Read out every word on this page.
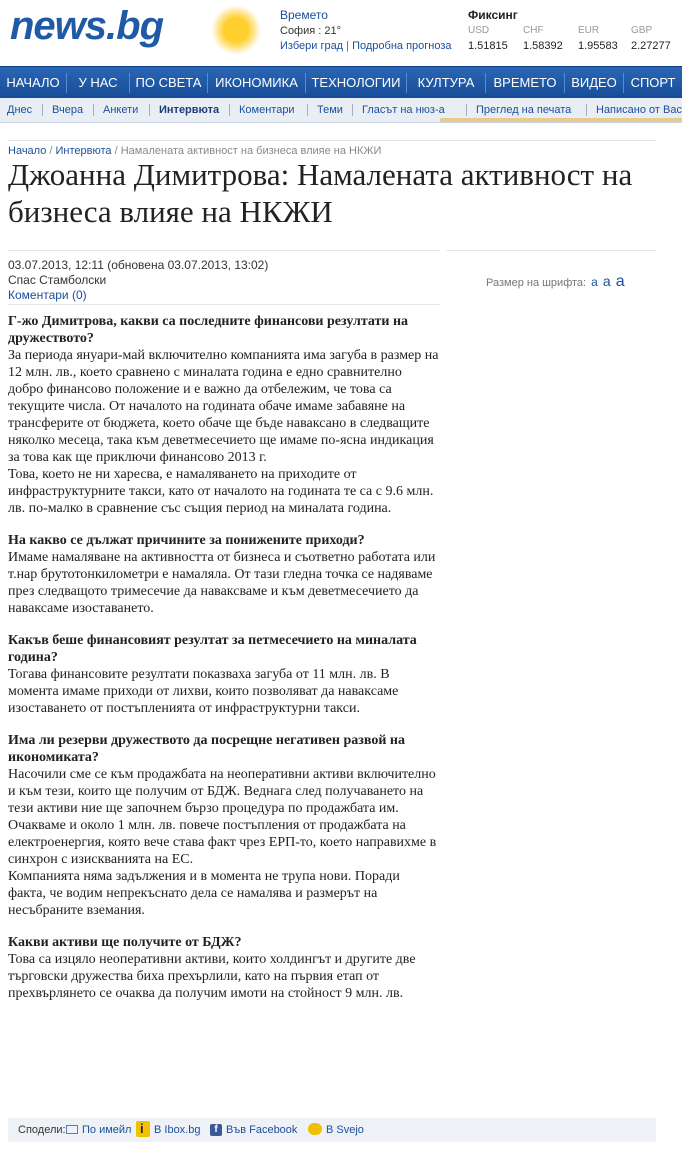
news.bg	Времето
София : 21°
Избери град | Подробна прогноза
Фиксинг
USD
1.51815
CHF
1.58392
EUR
1.95583
GBP
2.27277
НАЧАЛО	У НАС	ПО СВЕТА	ИКОНОМИКА	ТЕХНОЛОГИИ	КУЛТУРА	ВРЕМЕТО	ВИДЕО	СПОРТ
Днес Вчера Анкети Интервюта Коментари Теми Гласът на нюз-а	Преглед на печата Написано от Вас
Начало / Интервюта / Намалената активност на бизнеса влияе на НКЖИ
Джоанна Димитрова: Намалената активност на бизнеса влияе на НКЖИ
03.07.2013, 12:11 (обновена 03.07.2013, 13:02)
Спас Стамболски
Коментари (0)
Размер на шрифта: a a a

Г-жо Димитрова, какви са последните финансови резултати на дружеството?

За периода януари-май включително компанията има загуба в размер на 12 млн. лв., което сравнено с миналата година е едно сравнително добро финансово положение и е важно да отбележим, че това са текущите числа. От началото на годината обаче имаме забавяне на трансферите от бюджета, което обаче ще бъде наваксано в следващите няколко месеца, така към деветмесечието ще имаме по-ясна индикация за това как ще приключи финансово 2013 г.

Това, което не ни харесва, е намаляването на приходите от инфраструктурните такси, като от началото на годината те са с 9.6 млн. лв. по-малко в сравнение със същия период на миналата година.

На какво се дължат причините за понижените приходи?

Имаме намаляване на активността от бизнеса и съответно работата или т.нар брутотонкилометри е намаляла. От тази гледна точка се надяваме през следващото тримесечие да наваксваме и към деветмесечието да наваксаме изоставането.

Какъв беше финансовият резултат за петмесечието на миналата година?

Тогава финансовите резултати показваха загуба от 11 млн. лв. В момента имаме приходи от лихви, които позволяват да наваксаме изоставането от постъпленията от инфраструктурни такси.

Има ли резерви дружеството да посрещне негативен развой на икономиката?

Насочили сме се към продажбата на неоперативни активи включително и към тези, които ще получим от БДЖ. Веднага след получаването на тези активи ние ще започнем бързо процедура по продажбата им. Очакваме и около 1 млн. лв. повече постъпления от продажбата на електроенергия, която вече става факт чрез ЕРП-то, което направихме в синхрон с изискванията на ЕС.

Компанията няма задължения и в момента не трупа нови. Поради факта, че водим непрекъснато дела се намалява и размерът на несъбраните вземания.

Какви активи ще получите от БДЖ?

Това са изцяло неоперативни активи, които холдингът и другите две търговски дружества биха прехърлили, като на първия етап от прехвърлянето се очаква да получим имоти на стойност 9 млн. лв.

Сподели:	По имейл
i	В Ibox.bg	f Във Facebook	В Svejo
